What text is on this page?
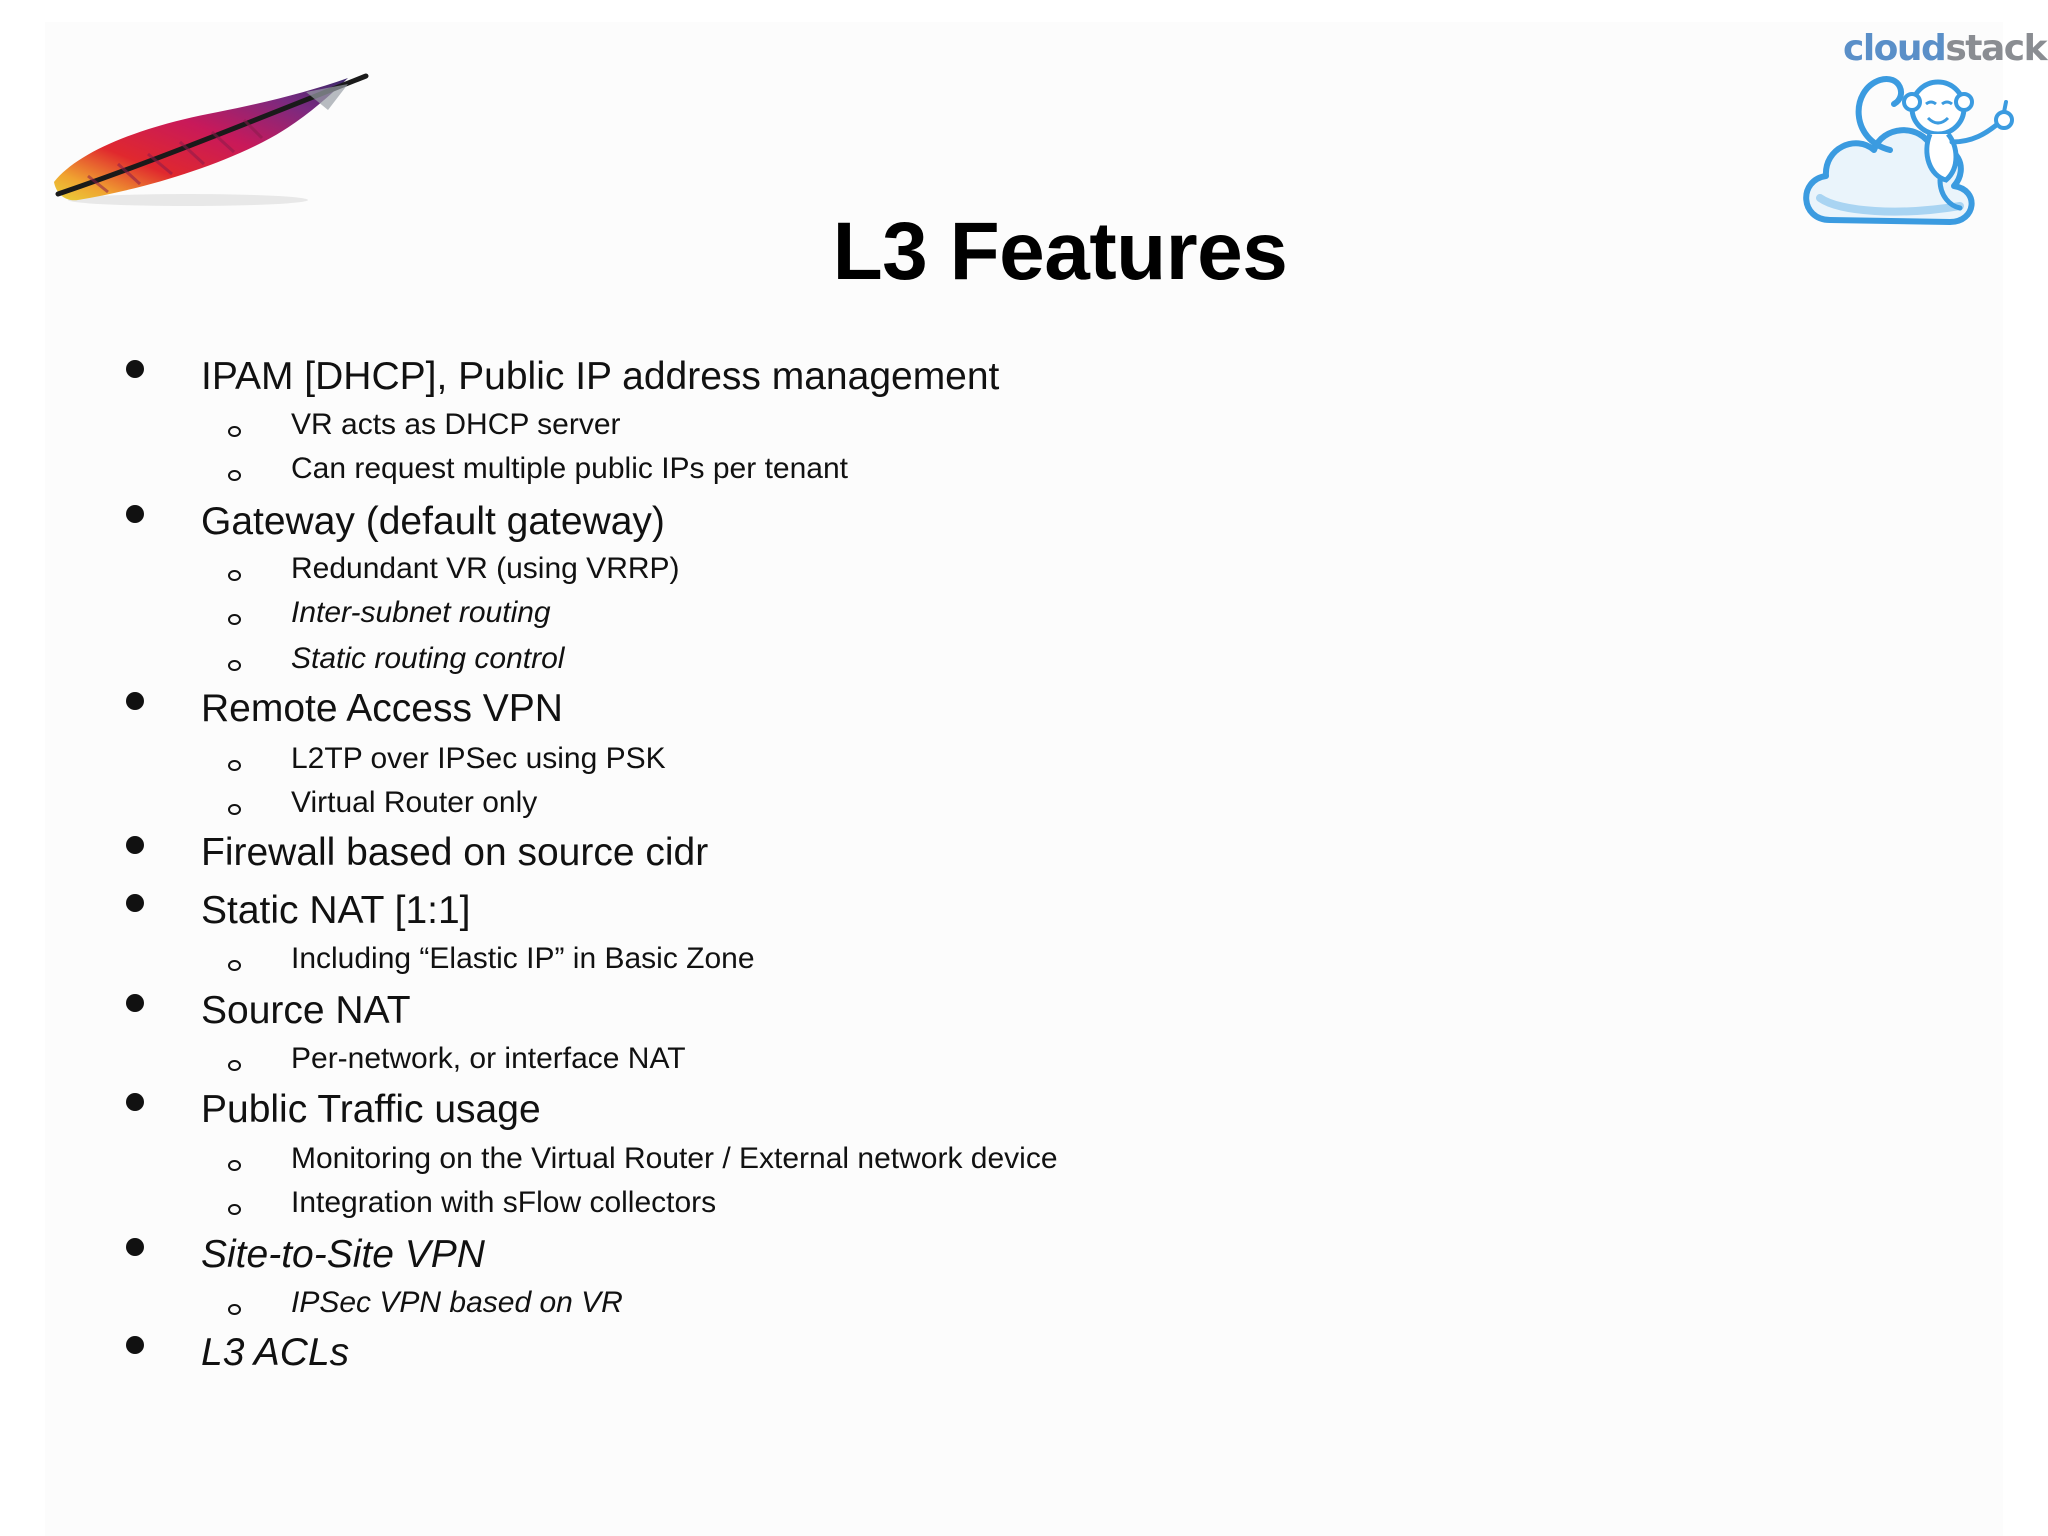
cloudstack
L3 Features
IPAM [DHCP], Public IP address management
VR acts as DHCP server
Can request multiple public IPs per tenant
Gateway (default gateway)
Redundant VR (using VRRP)
Inter-subnet routing
Static routing control
Remote Access VPN
L2TP over IPSec using PSK
Virtual Router only
Firewall based on source cidr
Static NAT [1:1]
Including “Elastic IP” in Basic Zone
Source NAT
Per-network, or interface NAT
Public Traffic usage
Monitoring on the Virtual Router / External network device
Integration with sFlow collectors
Site-to-Site VPN
IPSec VPN based on VR
L3 ACLs
